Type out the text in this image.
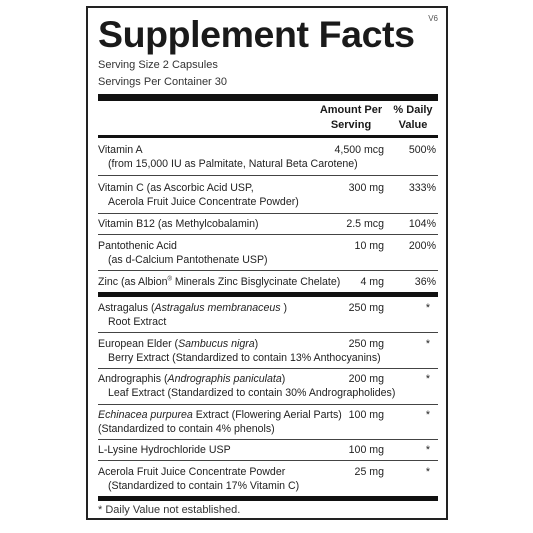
Supplement Facts V6
Serving Size 2 Capsules
Servings Per Container 30
Amount Per
Serving
% Daily
Value
Vitamin A
(from 15,000 IU as Palmitate, Natural Beta Carotene)
4,500 mcg	500%
Vitamin C (as Ascorbic Acid USP,
Acerola Fruit Juice Concentrate Powder)
300 mg	333%
Vitamin B12 (as Methylcobalamin)	2.5 mcg	104%
Pantothenic Acid
(as d-Calcium Pantothenate USP)
10 mg	200%
Zinc (as Albion® Minerals Zinc Bisglycinate Chelate) 4 mg	36%
Astragalus (Astragalus membranaceus )
Root Extract
250 mg	*
European Elder (Sambucus nigra)
Berry Extract (Standardized to contain 13% Anthocyanins)
250 mg	*
Andrographis (Andrographis paniculata)
Leaf Extract (Standardized to contain 30% Andrographolides)
200 mg	*
Echinacea purpurea Extract (Flowering Aerial Parts)
(Standardized to contain 4% phenols)
100 mg	*
L-Lysine Hydrochloride USP	100 mg	*
Acerola Fruit Juice Concentrate Powder
(Standardized to contain 17% Vitamin C)
25 mg	*
* Daily Value not established.
